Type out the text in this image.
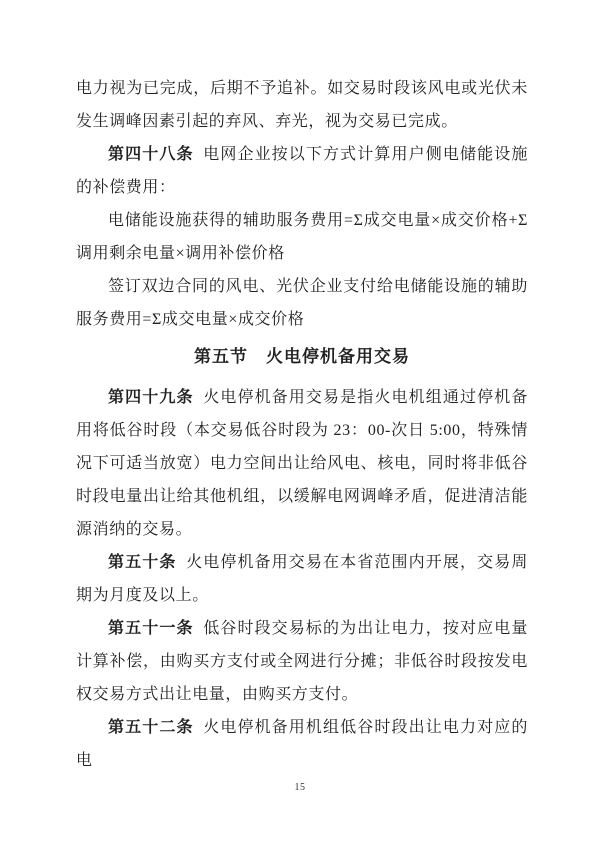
电力视为已完成，后期不予追补。如交易时段该风电或光伏未发生调峰因素引起的弃风、弃光，视为交易已完成。

第四十八条 电网企业按以下方式计算用户侧电储能设施的补偿费用：

电储能设施获得的辅助服务费用=Σ成交电量×成交价格+Σ调用剩余电量×调用补偿价格

签订双边合同的风电、光伏企业支付给电储能设施的辅助服务费用=Σ成交电量×成交价格

第五节　火电停机备用交易

第四十九条 火电停机备用交易是指火电机组通过停机备用将低谷时段（本交易低谷时段为 23：00-次日 5:00，特殊情况下可适当放宽）电力空间出让给风电、核电，同时将非低谷时段电量出让给其他机组，以缓解电网调峰矛盾，促进清洁能源消纳的交易。

第五十条 火电停机备用交易在本省范围内开展，交易周期为月度及以上。

第五十一条 低谷时段交易标的为出让电力，按对应电量计算补偿，由购买方支付或全网进行分摊；非低谷时段按发电权交易方式出让电量，由购买方支付。

第五十二条 火电停机备用机组低谷时段出让电力对应的电

15
